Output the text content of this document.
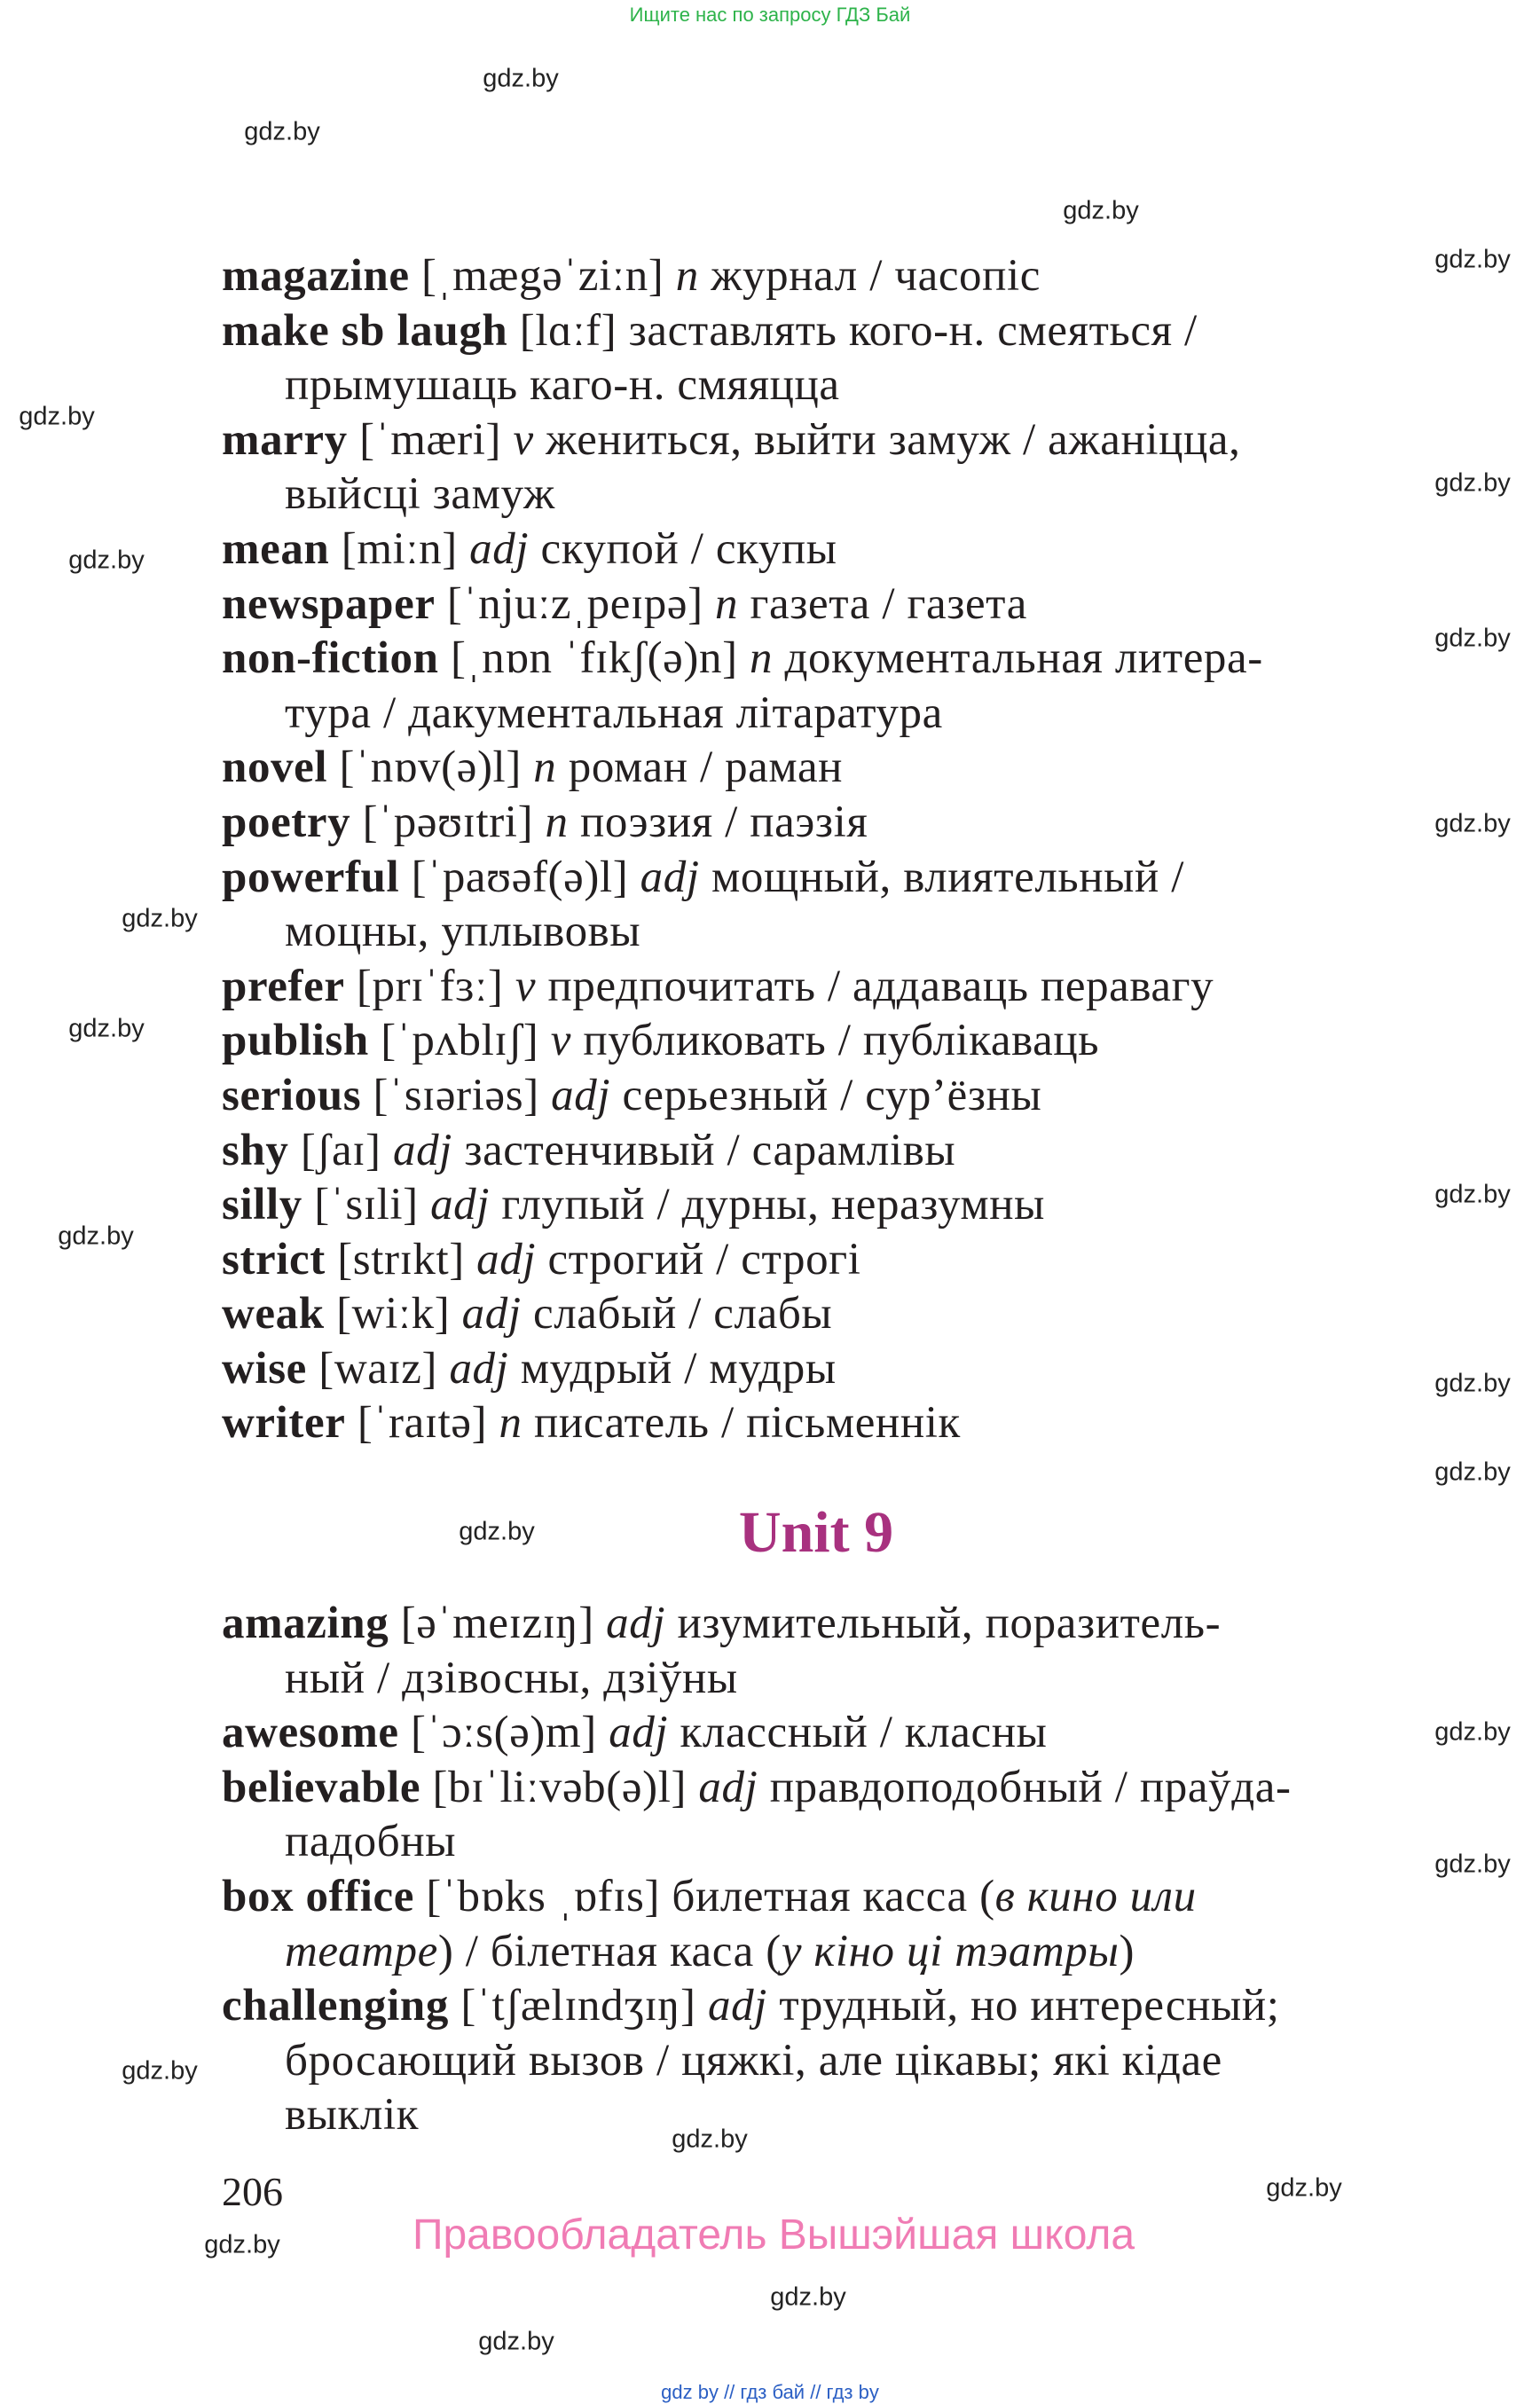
Ищите нас по запросу ГДЗ Бай
magazine [ˌmægəˈziːn] n журнал / часопіс
make sb laugh [lɑːf] заставлять кого-н. смеяться /
прымушаць каго-н. смяяцца
marry [ˈmæri] v жениться, выйти замуж / ажаніцца,
выйсці замуж
mean [miːn] adj скупой / скупы
newspaper [ˈnjuːzˌpeɪpə] n газета / газета
non-fiction [ˌnɒn ˈfɪkʃ(ə)n] n документальная литера-
тура / дакументальная літаратура
novel [ˈnɒv(ə)l] n роман / раман
poetry [ˈpəʊɪtri] n поэзия / паэзія
powerful [ˈpaʊəf(ə)l] adj мощный, влиятельный /
моцны, уплывовы
prefer [prɪˈfɜː] v предпочитать / аддаваць перавагу
publish [ˈpʌblɪʃ] v публиковать / публікаваць
serious [ˈsɪəriəs] adj серьезный / сур’ёзны
shy [ʃaɪ] adj застенчивый / сарамлівы
silly [ˈsɪli] adj глупый / дурны, неразумны
strict [strɪkt] adj строгий / строгі
weak [wiːk] adj слабый / слабы
wise [waɪz] adj мудрый / мудры
writer [ˈraɪtə] n писатель / пісьменнік
Unit 9
amazing [əˈmeɪzɪŋ] adj изумительный, поразитель-
ный / дзівосны, дзіўны
awesome [ˈɔːs(ə)m] adj классный / класны
believable [bɪˈliːvəb(ə)l] adj правдоподобный / праўда-
падобны
box office [ˈbɒks ˌɒfɪs] билетная касса (в кино или
театре) / білетная каса (у кіно ці тэатры)
challenging [ˈtʃælɪndʒɪŋ] adj трудный, но интересный;
бросающий вызов / цяжкі, але цікавы; які кідае
выклік
206
Правообладатель Вышэйшая школа
gdz by // гдз бай // гдз by
gdz.by
gdz.by
gdz.by
gdz.by
gdz.by
gdz.by
gdz.by
gdz.by
gdz.by
gdz.by
gdz.by
gdz.by
gdz.by
gdz.by
gdz.by
gdz.by
gdz.by
gdz.by
gdz.by
gdz.by
gdz.by
gdz.by
gdz.by
gdz.by
